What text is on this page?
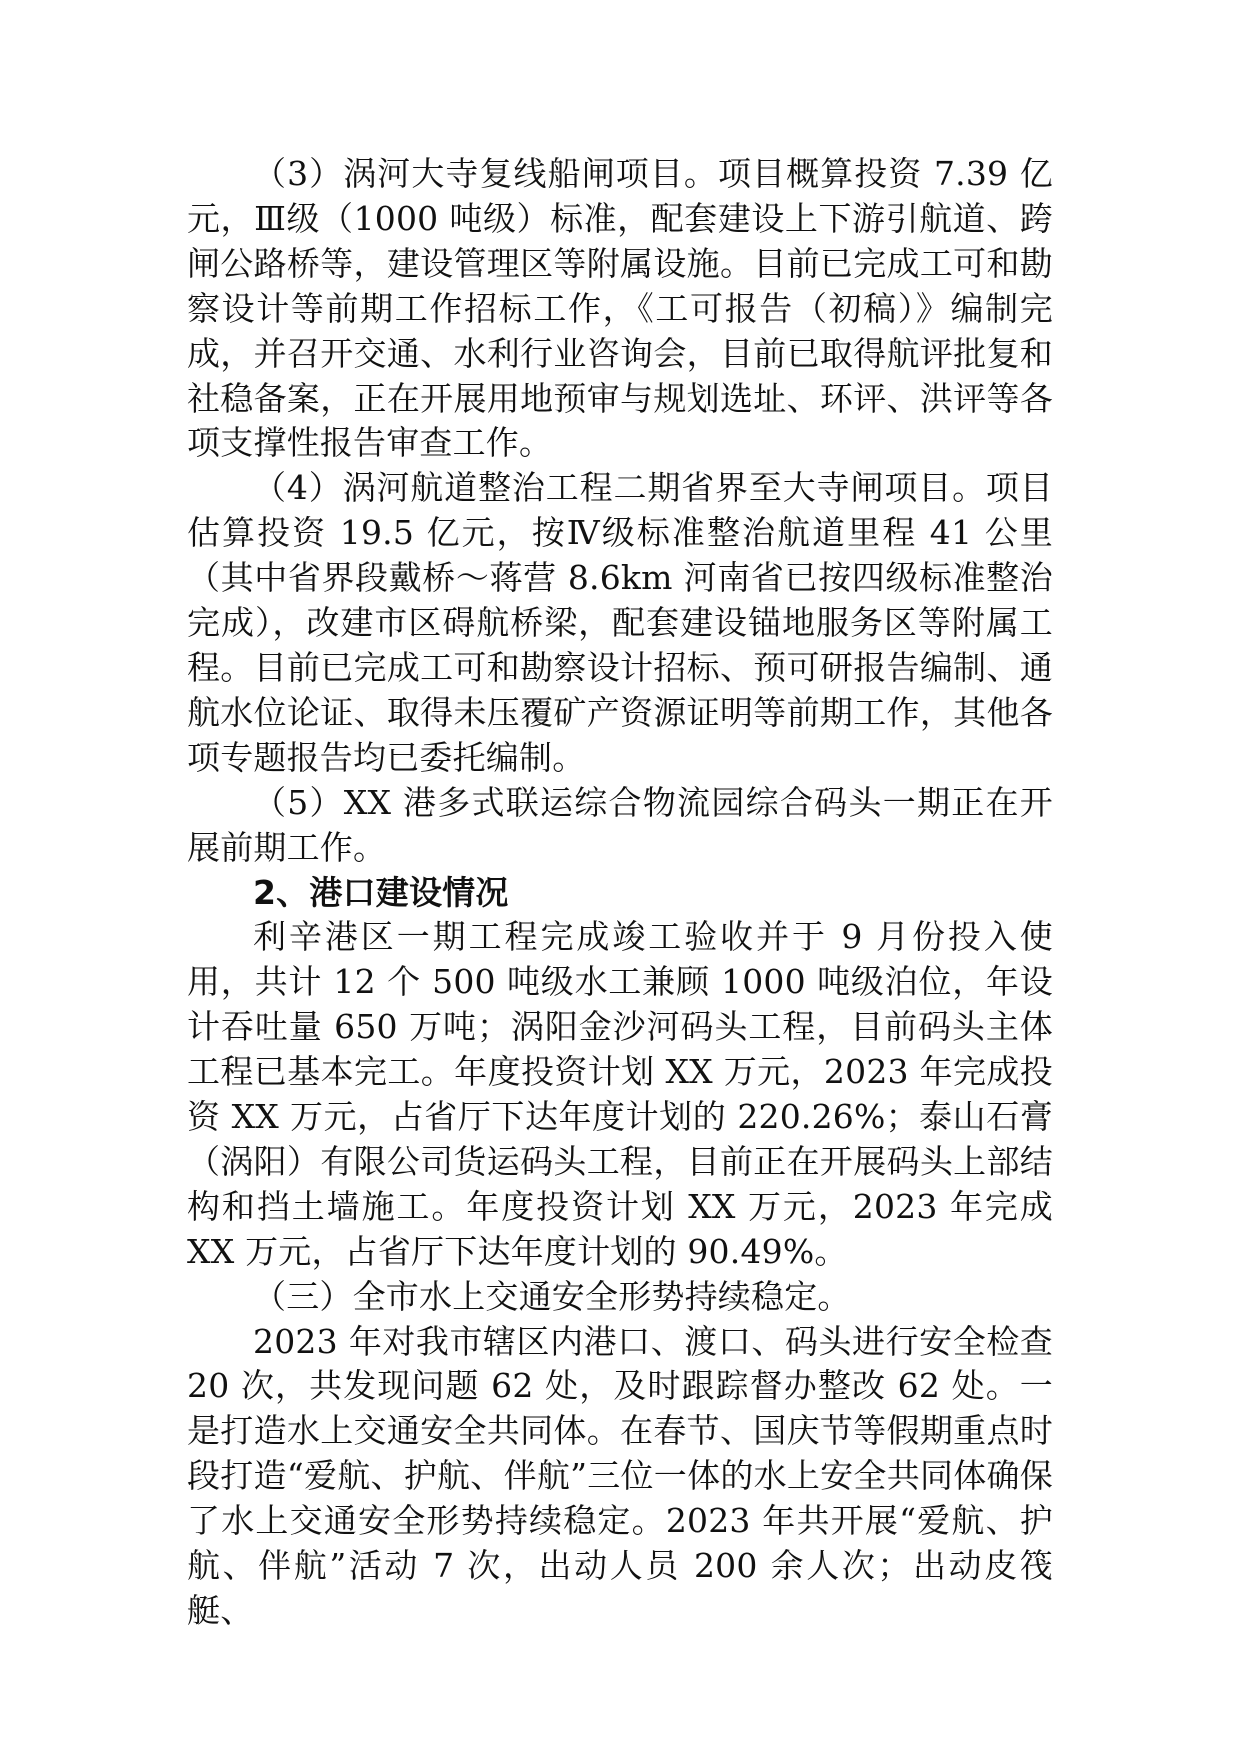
（3）涡河大寺复线船闸项目。项目概算投资 7.39 亿元，Ⅲ级（1000 吨级）标准，配套建设上下游引航道、跨闸公路桥等，建设管理区等附属设施。目前已完成工可和勘察设计等前期工作招标工作，《工可报告（初稿）》编制完成，并召开交通、水利行业咨询会，目前已取得航评批复和社稳备案，正在开展用地预审与规划选址、环评、洪评等各项支撑性报告审查工作。

（4）涡河航道整治工程二期省界至大寺闸项目。项目估算投资 19.5 亿元，按Ⅳ级标准整治航道里程 41 公里（其中省界段戴桥～蒋营 8.6km 河南省已按四级标准整治完成），改建市区碍航桥梁，配套建设锚地服务区等附属工程。目前已完成工可和勘察设计招标、预可研报告编制、通航水位论证、取得未压覆矿产资源证明等前期工作，其他各项专题报告均已委托编制。

（5）XX 港多式联运综合物流园综合码头一期正在开展前期工作。

2、港口建设情况

利辛港区一期工程完成竣工验收并于 9 月份投入使用，共计 12 个 500 吨级水工兼顾 1000 吨级泊位，年设计吞吐量 650 万吨；涡阳金沙河码头工程，目前码头主体工程已基本完工。年度投资计划 XX 万元，2023 年完成投资 XX 万元，占省厅下达年度计划的 220.26%；泰山石膏（涡阳）有限公司货运码头工程，目前正在开展码头上部结构和挡土墙施工。年度投资计划 XX 万元，2023 年完成 XX 万元，占省厅下达年度计划的 90.49%。

（三）全市水上交通安全形势持续稳定。

2023 年对我市辖区内港口、渡口、码头进行安全检查 20 次，共发现问题 62 处，及时跟踪督办整改 62 处。一是打造水上交通安全共同体。在春节、国庆节等假期重点时段打造“爱航、护航、伴航”三位一体的水上安全共同体确保了水上交通安全形势持续稳定。2023 年共开展“爱航、护航、伴航”活动 7 次，出动人员 200 余人次；出动皮筏艇、
